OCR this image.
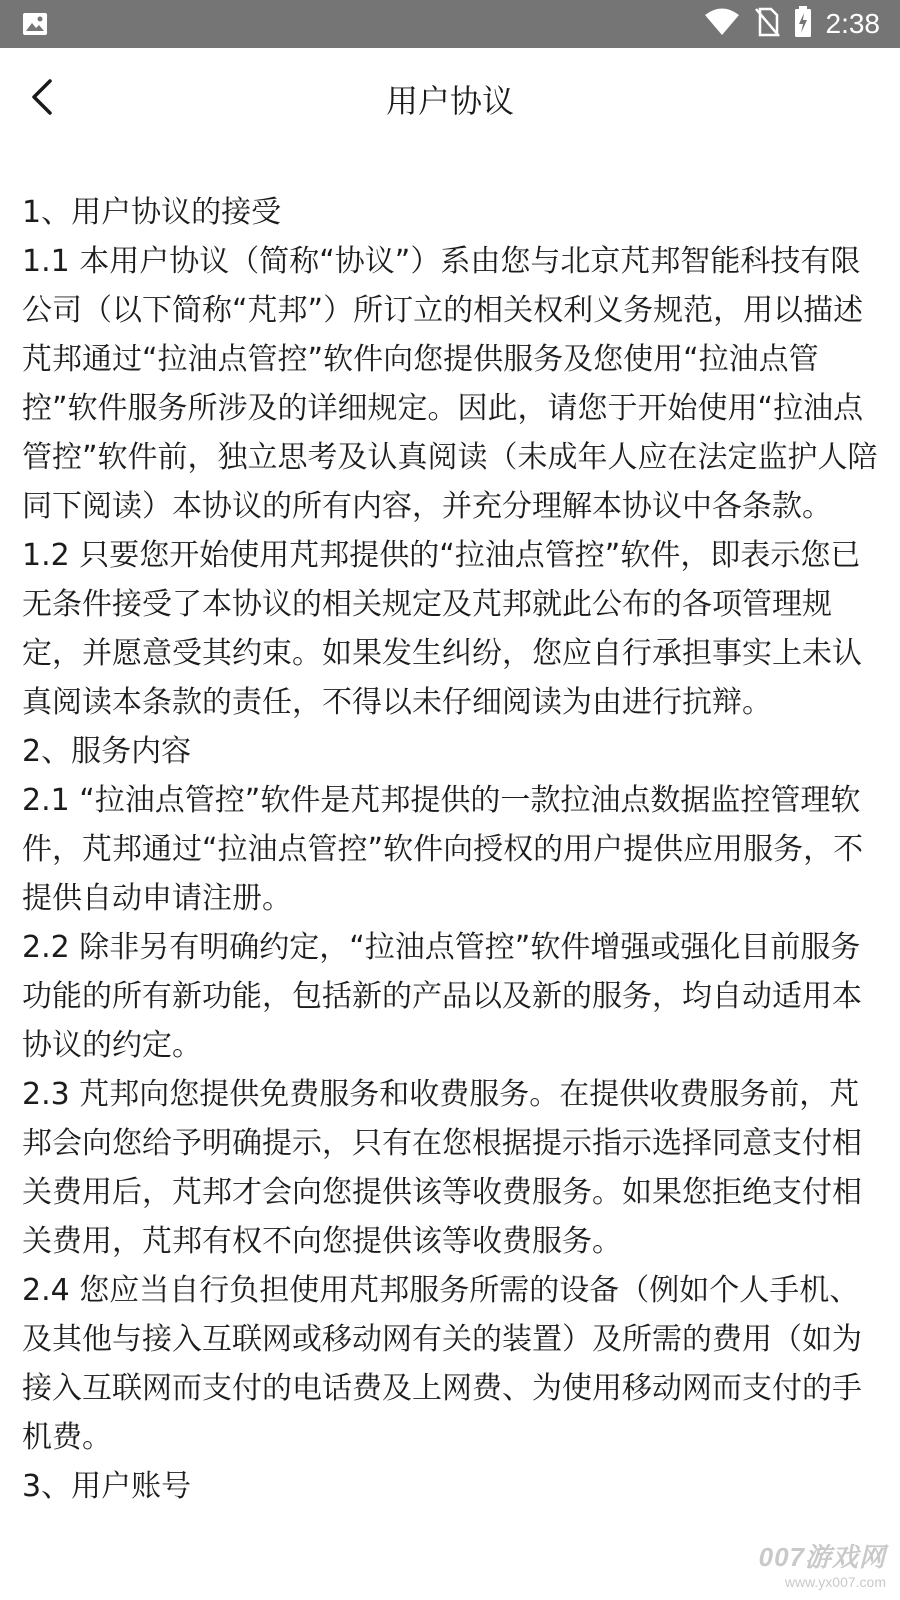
2:38
用户协议

1、用户协议的接受

1.1 本用户协议（简称“协议”）系由您与北京芃邦智能科技有限公司（以下简称“芃邦”）所订立的相关权利义务规范，用以描述芃邦通过“拉油点管控”软件向您提供服务及您使用“拉油点管控”软件服务所涉及的详细规定。因此，请您于开始使用“拉油点管控”软件前，独立思考及认真阅读（未成年人应在法定监护人陪同下阅读）本协议的所有内容，并充分理解本协议中各条款。

1.2 只要您开始使用芃邦提供的“拉油点管控”软件，即表示您已无条件接受了本协议的相关规定及芃邦就此公布的各项管理规定，并愿意受其约束。如果发生纠纷，您应自行承担事实上未认真阅读本条款的责任，不得以未仔细阅读为由进行抗辩。

2、服务内容

2.1 “拉油点管控”软件是芃邦提供的一款拉油点数据监控管理软件，芃邦通过“拉油点管控”软件向授权的用户提供应用服务，不提供自动申请注册。

2.2 除非另有明确约定，“拉油点管控”软件增强或强化目前服务功能的所有新功能，包括新的产品以及新的服务，均自动适用本协议的约定。

2.3 芃邦向您提供免费服务和收费服务。在提供收费服务前，芃邦会向您给予明确提示，只有在您根据提示指示选择同意支付相关费用后，芃邦才会向您提供该等收费服务。如果您拒绝支付相关费用，芃邦有权不向您提供该等收费服务。

2.4 您应当自行负担使用芃邦服务所需的设备（例如个人手机、及其他与接入互联网或移动网有关的装置）及所需的费用（如为接入互联网而支付的电话费及上网费、为使用移动网而支付的手机费。

3、用户账号

007游戏网
www.yx007.com
